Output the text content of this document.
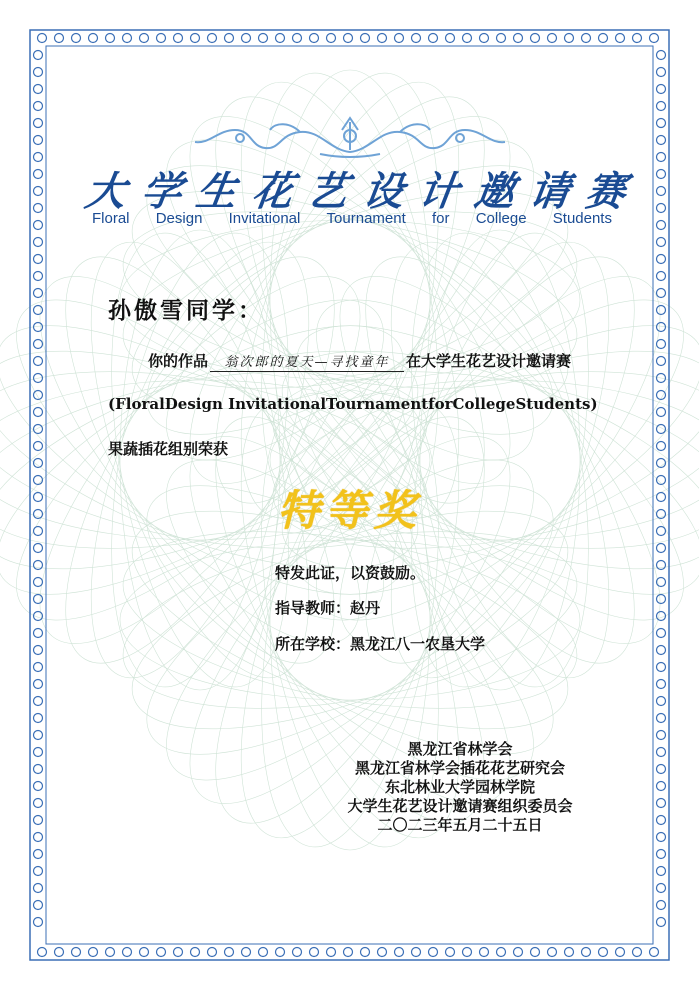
大 学 生 花 艺 设 计 邀 请 赛
Floral Design Invitational Tournament for College Students
孙傲雪同学：
你的作品 翁次郎的夏天—寻找童年 在大学生花艺设计邀请赛
(Floral Design Invitational Tournament for College Students)
果蔬插花组别荣获
特等奖
特发此证，以资鼓励。
指导教师：赵丹
所在学校：黑龙江八一农垦大学
黑龙江省林学会
黑龙江省林学会插花花艺研究会
东北林业大学园林学院
大学生花艺设计邀请赛组织委员会
二〇二三年五月二十五日
